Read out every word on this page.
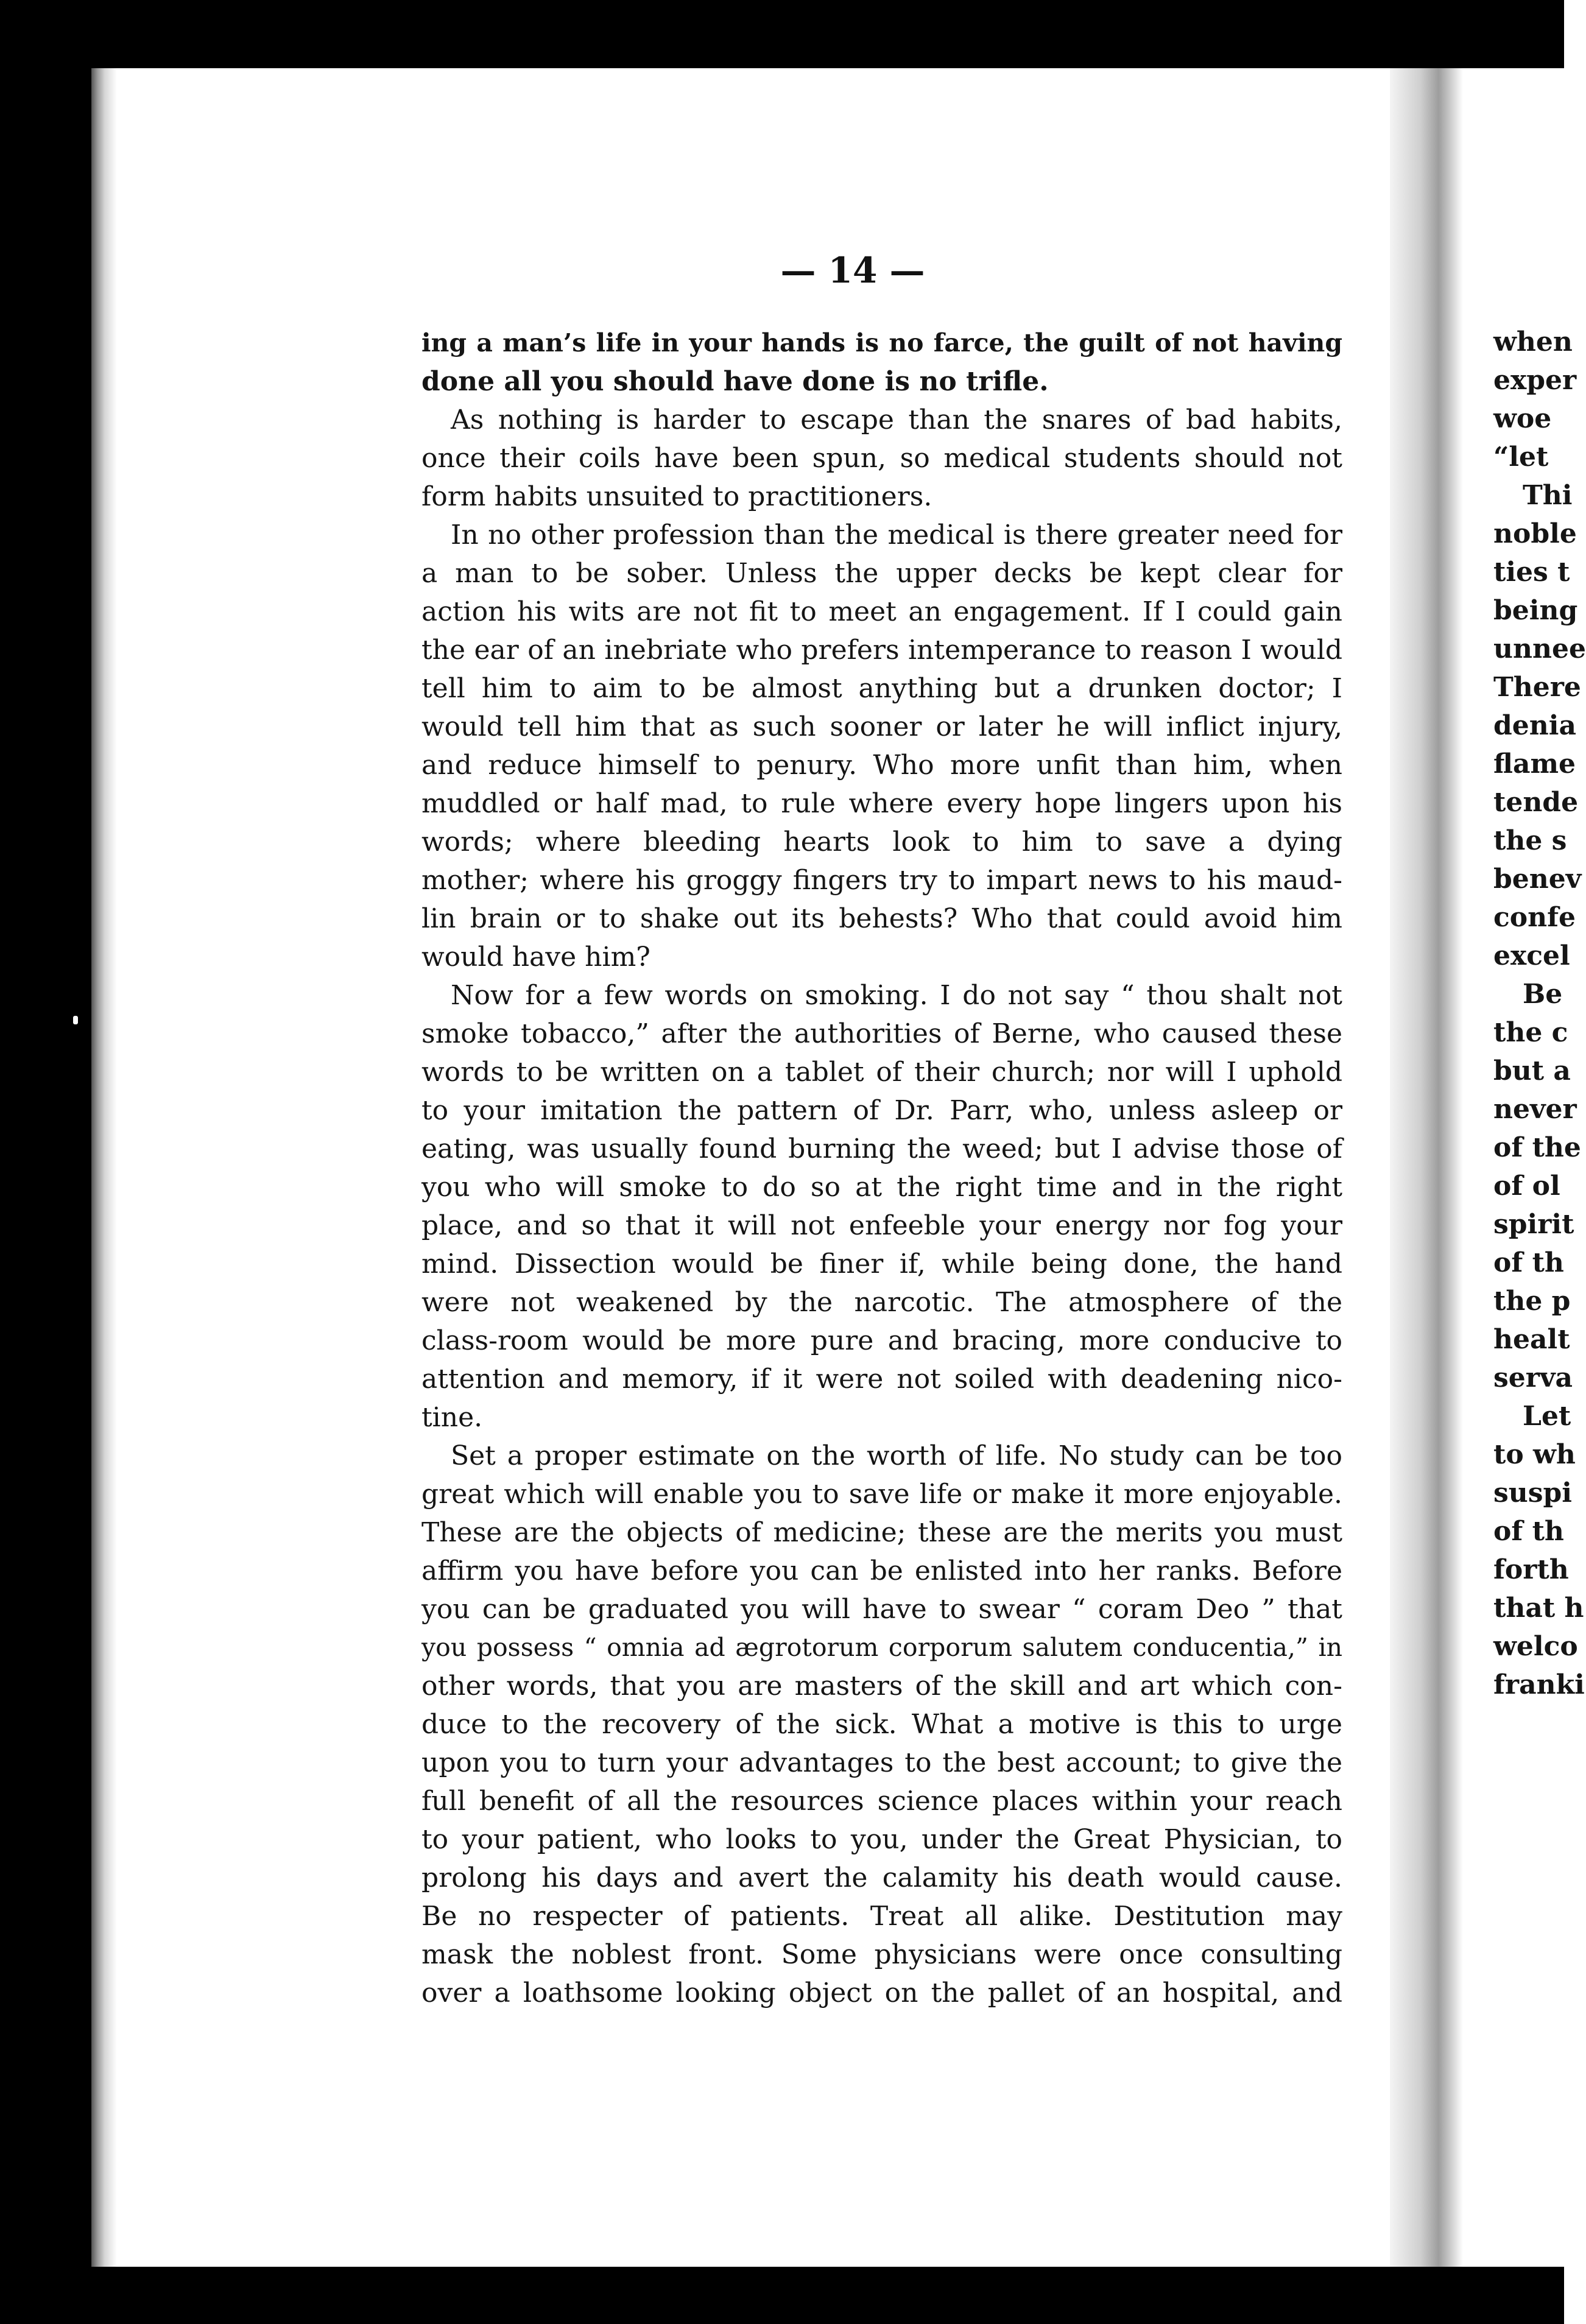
when
exper
woe
“let
Thi
noble
ties t
being
unnee
There
denia
flame
tende
the s
benev
confe
excel
Be
the c
but a
never
of the
of ol
spirit
of th
the p
healt
serva
Let
to wh
suspi
of th
forth
that h
welco
franki
— 14 —
ing a man’s life in your hands is no farce, the guilt of not having
done all you should have done is no trifle.
As nothing is harder to escape than the snares of bad habits,
once their coils have been spun, so medical students should not
form habits unsuited to practitioners.
In no other profession than the medical is there greater need for
a man to be sober. Unless the upper decks be kept clear for
action his wits are not fit to meet an engagement. If I could gain
the ear of an inebriate who prefers intemperance to reason I would
tell him to aim to be almost anything but a drunken doctor; I
would tell him that as such sooner or later he will inflict injury,
and reduce himself to penury. Who more unfit than him, when
muddled or half mad, to rule where every hope lingers upon his
words; where bleeding hearts look to him to save a dying
mother; where his groggy fingers try to impart news to his maud-
lin brain or to shake out its behests? Who that could avoid him
would have him?
Now for a few words on smoking. I do not say “ thou shalt not
smoke tobacco,” after the authorities of Berne, who caused these
words to be written on a tablet of their church; nor will I uphold
to your imitation the pattern of Dr. Parr, who, unless asleep or
eating, was usually found burning the weed; but I advise those of
you who will smoke to do so at the right time and in the right
place, and so that it will not enfeeble your energy nor fog your
mind. Dissection would be finer if, while being done, the hand
were not weakened by the narcotic. The atmosphere of the
class-room would be more pure and bracing, more conducive to
attention and memory, if it were not soiled with deadening nico-
tine.
Set a proper estimate on the worth of life. No study can be too
great which will enable you to save life or make it more enjoyable.
These are the objects of medicine; these are the merits you must
affirm you have before you can be enlisted into her ranks. Before
you can be graduated you will have to swear “ coram Deo ” that
you possess “ omnia ad ægrotorum corporum salutem conducentia,” in
other words, that you are masters of the skill and art which con-
duce to the recovery of the sick. What a motive is this to urge
upon you to turn your advantages to the best account; to give the
full benefit of all the resources science places within your reach
to your patient, who looks to you, under the Great Physician, to
prolong his days and avert the calamity his death would cause.
Be no respecter of patients. Treat all alike. Destitution may
mask the noblest front. Some physicians were once consulting
over a loathsome looking object on the pallet of an hospital, and
